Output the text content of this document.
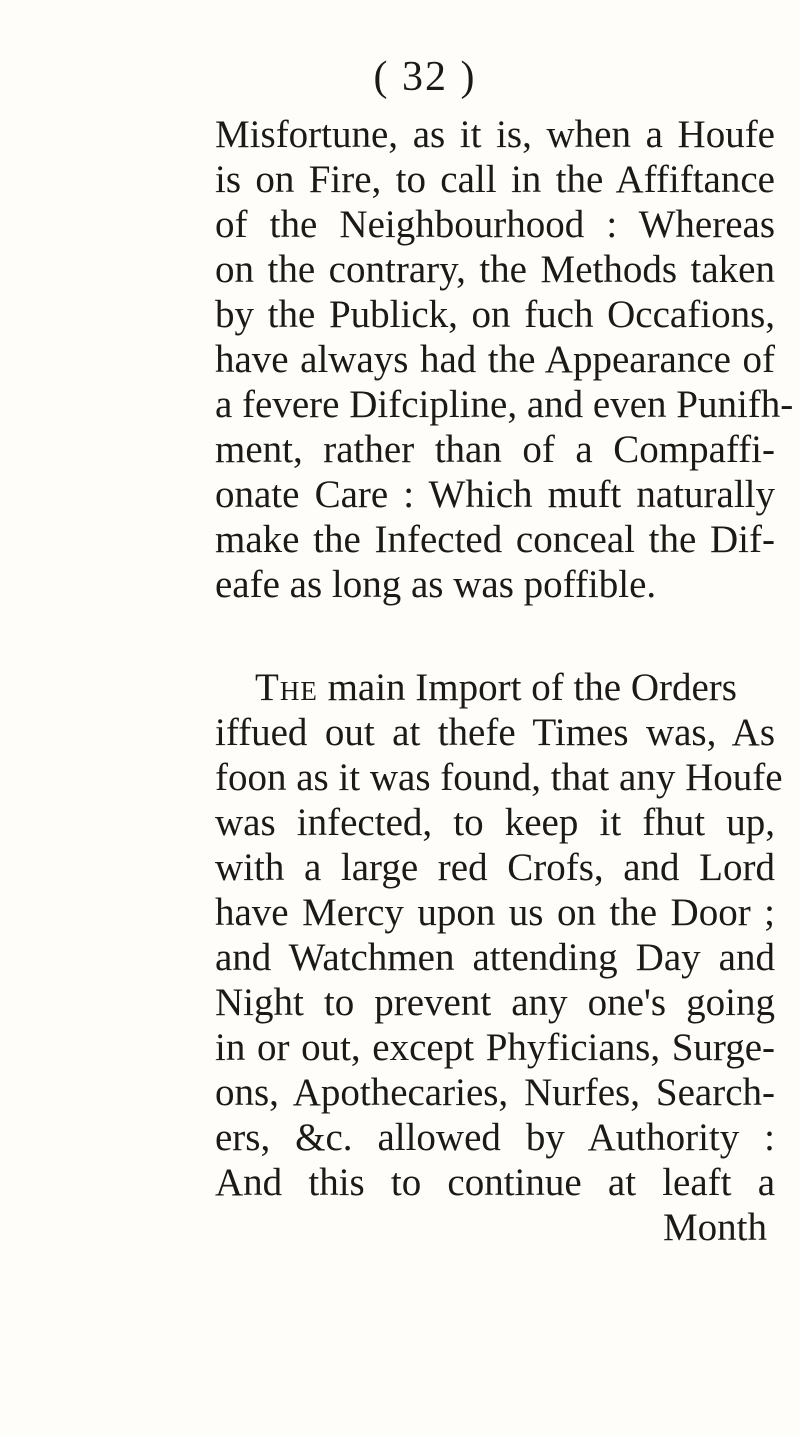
( 32 )
Misfortune, as it is, when a Houfe
is on Fire, to call in the Affiftance
of the Neighbourhood : Whereas
on the contrary, the Methods taken
by the Publick, on fuch Occafions,
have always had the Appearance of
a fevere Difcipline, and even Punifh-
ment, rather than of a Compaffi-
onate Care : Which muft naturally
make the Infected conceal the Dif-
eafe as long as was poffible.
The main Import of the Orders
iffued out at thefe Times was, As
foon as it was found, that any Houfe
was infected, to keep it fhut up,
with a large red Crofs, and Lord
have Mercy upon us on the Door ;
and Watchmen attending Day and
Night to prevent any one's going
in or out, except Phyficians, Surge-
ons, Apothecaries, Nurfes, Search-
ers, &c. allowed by Authority :
And this to continue at leaft a
Month
